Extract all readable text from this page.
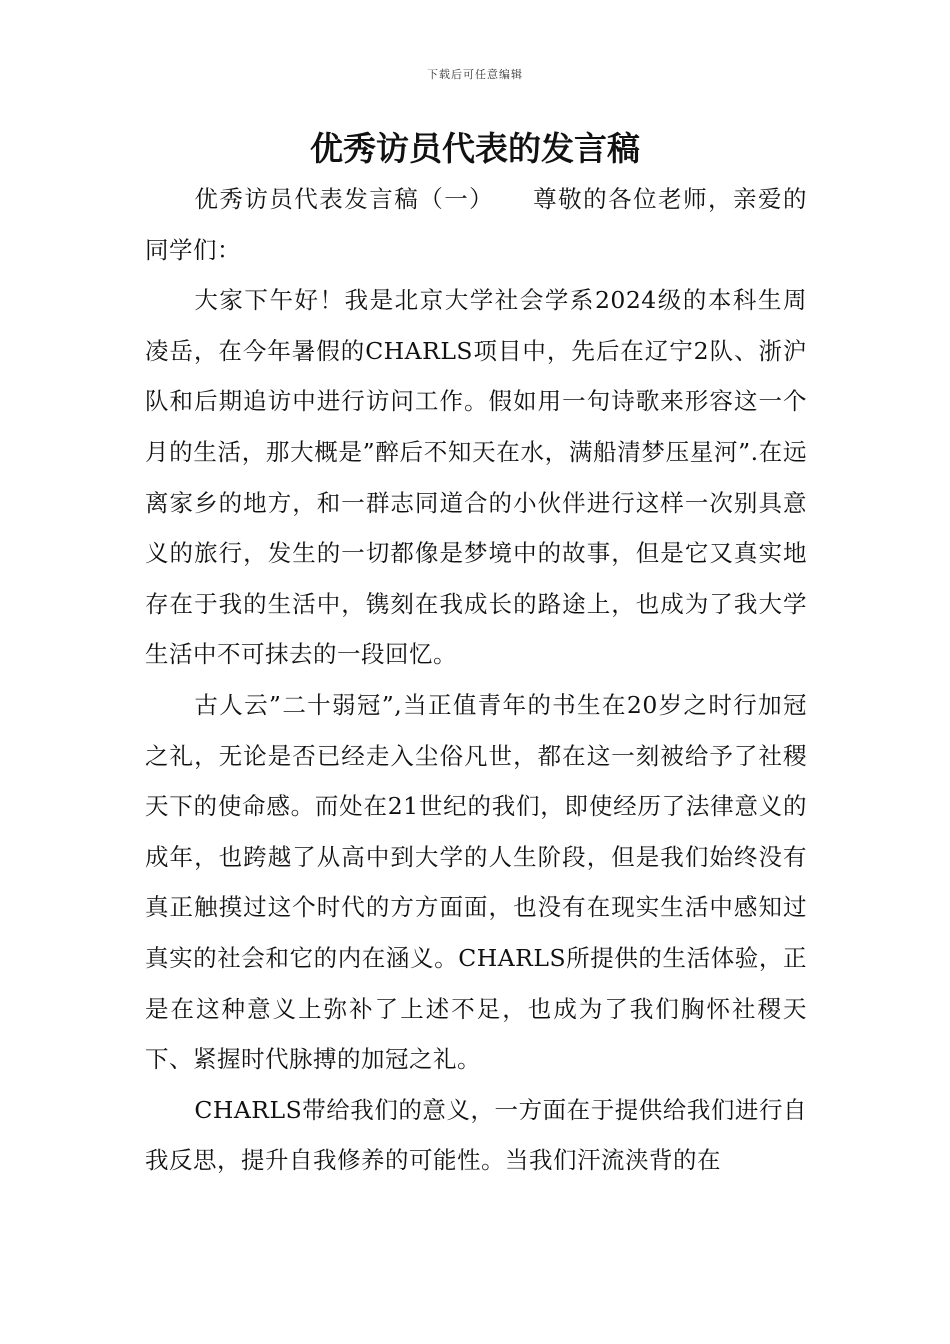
下载后可任意编辑
优秀访员代表的发言稿

优秀访员代表发言稿（一） 尊敬的各位老师，亲爱的同学们：

大家下午好！我是北京大学社会学系2024级的本科生周凌岳，在今年暑假的CHARLS项目中，先后在辽宁2队、浙沪队和后期追访中进行访问工作。假如用一句诗歌来形容这一个月的生活，那大概是”醉后不知天在水，满船清梦压星河”.在远离家乡的地方，和一群志同道合的小伙伴进行这样一次别具意义的旅行，发生的一切都像是梦境中的故事，但是它又真实地存在于我的生活中，镌刻在我成长的路途上，也成为了我大学生活中不可抹去的一段回忆。

古人云”二十弱冠”,当正值青年的书生在20岁之时行加冠之礼，无论是否已经走入尘俗凡世，都在这一刻被给予了社稷天下的使命感。而处在21世纪的我们，即使经历了法律意义的成年，也跨越了从高中到大学的人生阶段，但是我们始终没有真正触摸过这个时代的方方面面，也没有在现实生活中感知过真实的社会和它的内在涵义。CHARLS所提供的生活体验，正是在这种意义上弥补了上述不足，也成为了我们胸怀社稷天下、紧握时代脉搏的加冠之礼。

CHARLS带给我们的意义，一方面在于提供给我们进行自我反思，提升自我修养的可能性。当我们汗流浃背的在
